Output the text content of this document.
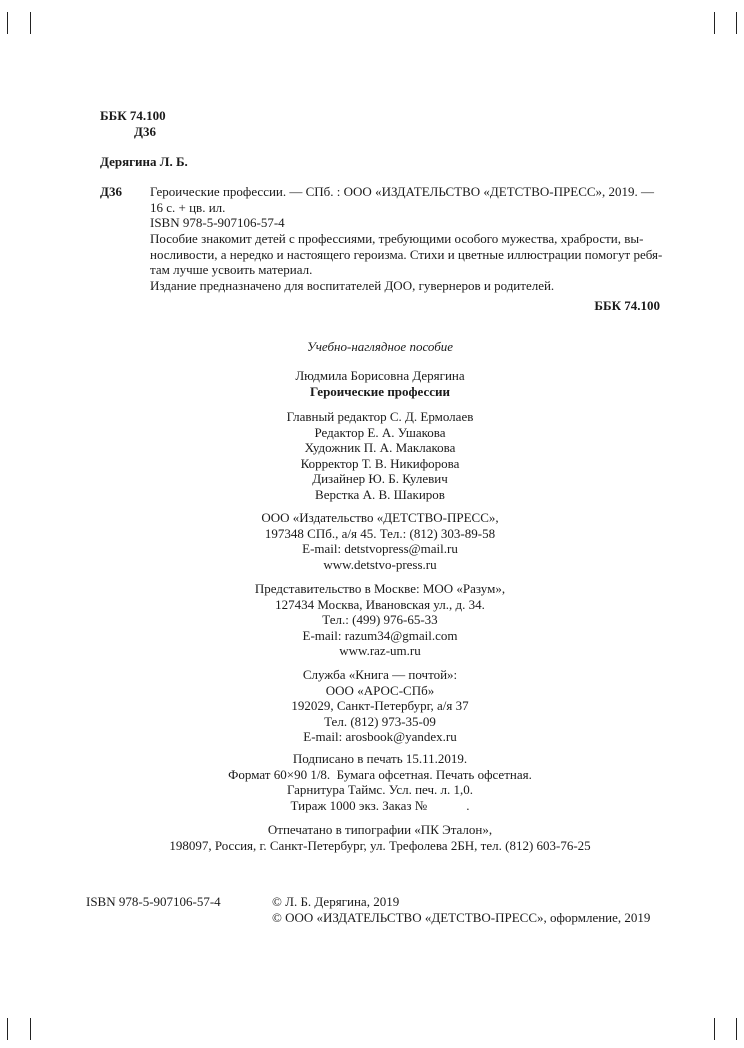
ББК 74.100
Д36
Дерягина Л. Б.
Д36 Героические профессии. — СПб. : ООО «ИЗДАТЕЛЬСТВО «ДЕТСТВО-ПРЕСС», 2019. —
16 с. + цв. ил.
ISBN 978-5-907106-57-4
Пособие знакомит детей с профессиями, требующими особого мужества, храбрости, вы-
носливости, а нередко и настоящего героизма. Стихи и цветные иллюстрации помогут ребя-
там лучше усвоить материал.
Издание предназначено для воспитателей ДОО, гувернеров и родителей.
ББК 74.100
Учебно-наглядное пособие
Людмила Борисовна Дерягина
Героические профессии
Главный редактор С. Д. Ермолаев
Редактор Е. А. Ушакова
Художник П. А. Маклакова
Корректор Т. В. Никифорова
Дизайнер Ю. Б. Кулевич
Верстка А. В. Шакиров
ООО «Издательство «ДЕТСТВО-ПРЕСС»,
197348 СПб., а/я 45. Тел.: (812) 303-89-58
E-mail: detstvopress@mail.ru
www.detstvo-press.ru
Представительство в Москве: МОО «Разум»,
127434 Москва, Ивановская ул., д. 34.
Тел.: (499) 976-65-33
E-mail: razum34@gmail.com
www.raz-um.ru
Служба «Книга — почтой»:
ООО «АРОС-СПб»
192029, Санкт-Петербург, а/я 37
Тел. (812) 973-35-09
E-mail: arosbook@yandex.ru
Подписано в печать 15.11.2019.
Формат 60×90 1/8.  Бумага офсетная. Печать офсетная.
Гарнитура Таймс. Усл. печ. л. 1,0.
Тираж 1000 экз. Заказ №            .
Отпечатано в типографии «ПК Эталон»,
198097, Россия, г. Санкт-Петербург, ул. Трефолева 2БН, тел. (812) 603-76-25
ISBN 978-5-907106-57-4	© Л. Б. Дерягина, 2019
© ООО «ИЗДАТЕЛЬСТВО «ДЕТСТВО-ПРЕСС», оформление, 2019
